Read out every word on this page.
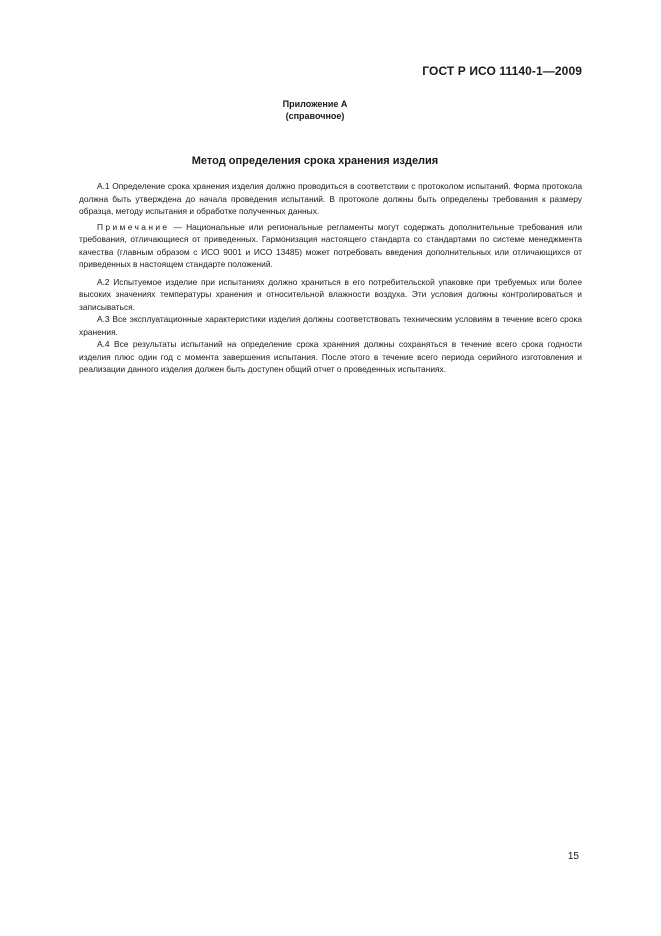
ГОСТ Р ИСО 11140-1—2009
Приложение А
(справочное)
Метод определения срока хранения изделия

А.1 Определение срока хранения изделия должно проводиться в соответствии с протоколом испытаний. Форма протокола должна быть утверждена до начала проведения испытаний. В протоколе должны быть определены требования к размеру образца, методу испытания и обработке полученных данных.

Примечание — Национальные или региональные регламенты могут содержать дополнительные требования или требования, отличающиеся от приведенных. Гармонизация настоящего стандарта со стандартами по системе менеджмента качества (главным образом с ИСО 9001 и ИСО 13485) может потребовать введения дополнительных или отличающихся от приведенных в настоящем стандарте положений.

А.2 Испытуемое изделие при испытаниях должно храниться в его потребительской упаковке при требуемых или более высоких значениях температуры хранения и относительной влажности воздуха. Эти условия должны контролироваться и записываться.

А.3 Все эксплуатационные характеристики изделия должны соответствовать техническим условиям в течение всего срока хранения.

А.4 Все результаты испытаний на определение срока хранения должны сохраняться в течение всего срока годности изделия плюс один год с момента завершения испытания. После этого в течение всего периода серийного изготовления и реализации данного изделия должен быть доступен общий отчет о проведенных испытаниях.

15
